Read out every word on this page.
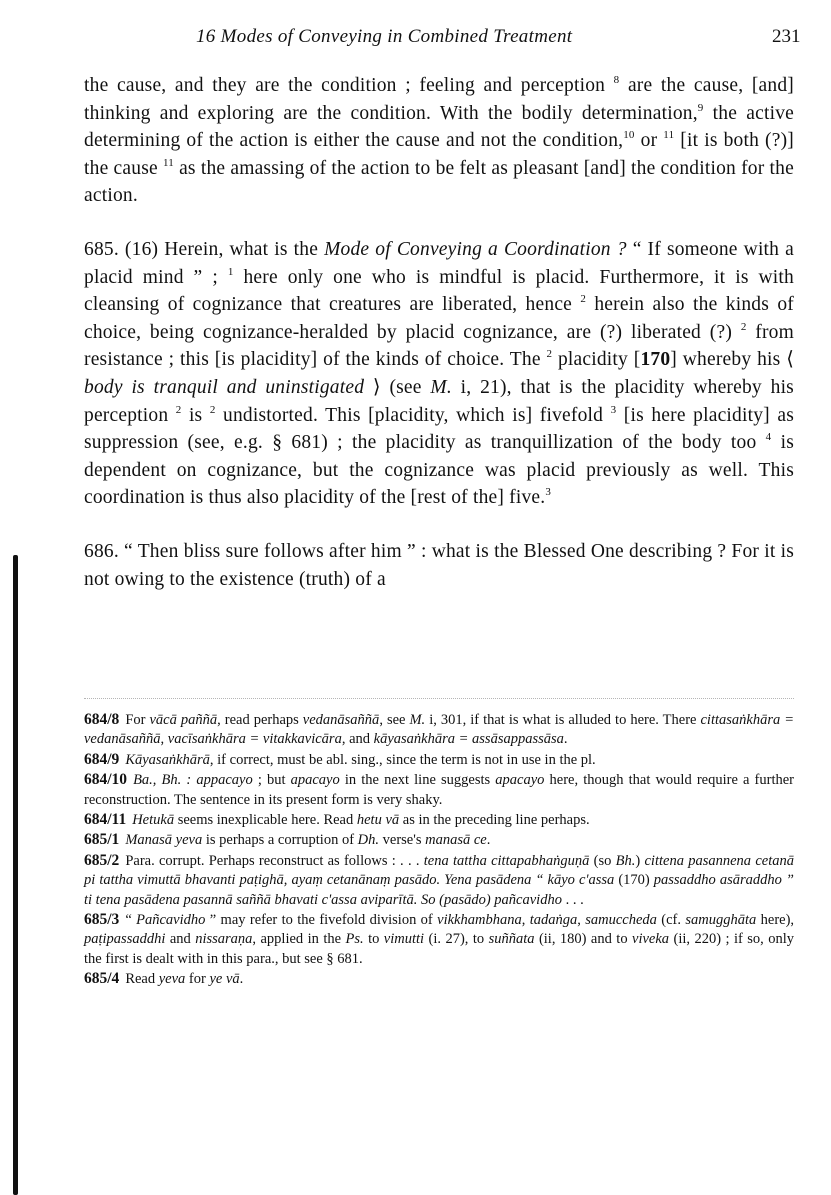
16 Modes of Conveying in Combined Treatment	231

the cause, and they are the condition ; feeling and perception $^8$ are the cause, [and] thinking and exploring are the condition. With the bodily determination,$^9$ the active determining of the action is either the cause and not the condition,$^{10}$ or $^{11}$ [it is both (?)] the cause $^{11}$ as the amassing of the action to be felt as pleasant [and] the condition for the action.

685. (16) Herein, what is the Mode of Conveying a Coordination ? “ If someone with a placid mind ” ; $^1$ here only one who is mindful is placid. Furthermore, it is with cleansing of cognizance that creatures are liberated, hence $^2$ herein also the kinds of choice, being cognizance-heralded by placid cognizance, are (?) liberated (?) $^2$ from resistance ; this [is placidity] of the kinds of choice. The $^2$ placidity [170] whereby his ⟨ body is tranquil and uninstigated ⟩ (see M. i, 21), that is the placidity whereby his perception $^2$ is $^2$ undistorted. This [placidity, which is] fivefold $^3$ [is here placidity] as suppression (see, e.g. § 681) ; the placidity as tranquillization of the body too $^4$ is dependent on cognizance, but the cognizance was placid previously as well. This coordination is thus also placidity of the [rest of the] five.$^3$

686. “ Then bliss sure follows after him ” : what is the Blessed One describing ? For it is not owing to the existence (truth) of a

684/8 For vācā paññā, read perhaps vedanāsaññā, see M. i, 301, if that is what is alluded to here. There cittasaṅkhāra = vedanāsaññā, vacīsaṅkhāra = vitakkavicāra, and kāyasaṅkhāra = assāsappassāsa.

684/9 Kāyasaṅkhārā, if correct, must be abl. sing., since the term is not in use in the pl.

684/10 Ba., Bh. : appacayo ; but apacayo in the next line suggests apacayo here, though that would require a further reconstruction. The sentence in its present form is very shaky.

684/11 Hetukā seems inexplicable here. Read hetu vā as in the preceding line perhaps.

685/1 Manasā yeva is perhaps a corruption of Dh. verse's manasā ce.

685/2 Para. corrupt. Perhaps reconstruct as follows : . . . tena tattha cittapabhaṅguṇā (so Bh.) cittena pasannena cetanā pi tattha vimuttā bhavanti paṭighā, ayaṃ cetanānaṃ pasādo. Yena pasādena “ kāyo c'assa (170) passaddho asāraddho ” ti tena pasādena pasannā saññā bhavati c'assa aviparītā. So (pasādo) pañcavidho . . .

685/3 “ Pañcavidho ” may refer to the fivefold division of vikkhambhana, tadaṅga, samuccheda (cf. samugghāta here), paṭipassaddhi and nissaraṇa, applied in the Ps. to vimutti (i. 27), to suññata (ii, 180) and to viveka (ii, 220) ; if so, only the first is dealt with in this para., but see § 681.

685/4 Read yeva for ye vā.
